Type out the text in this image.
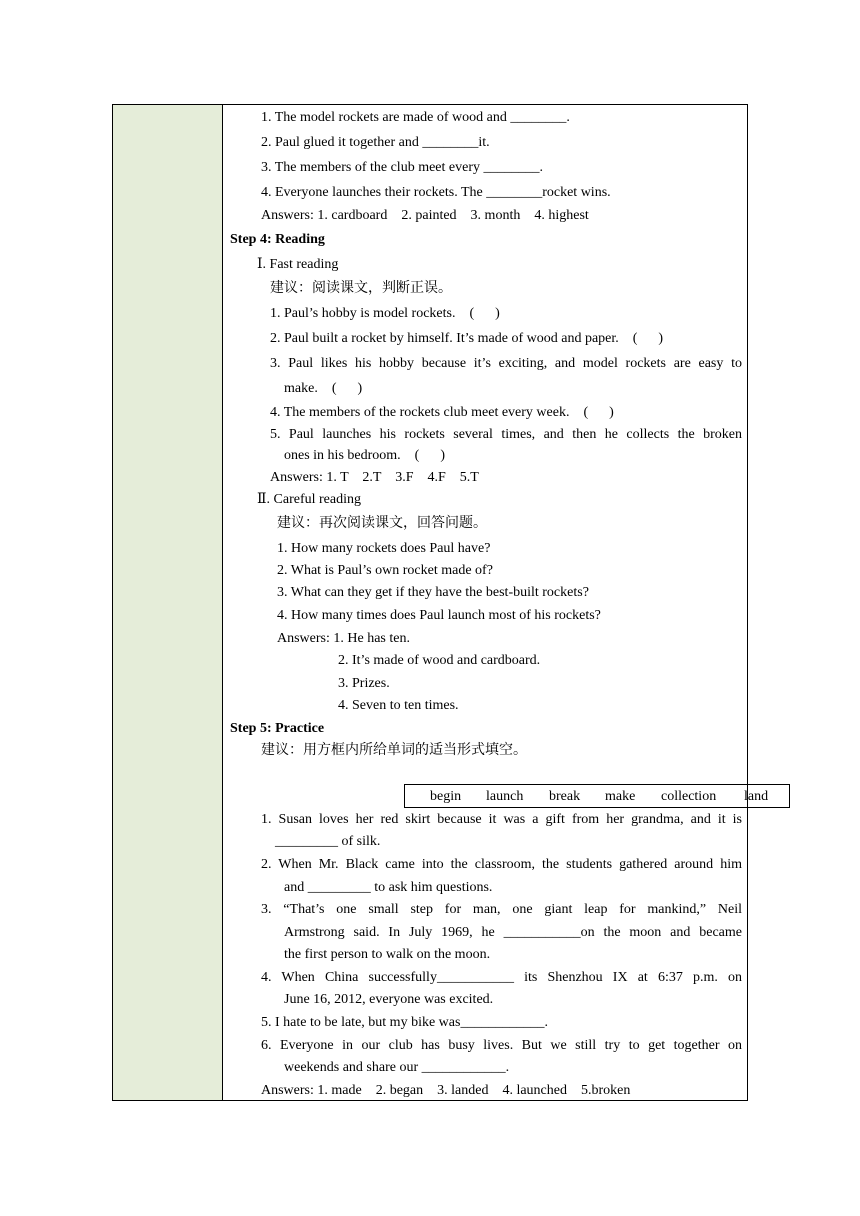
1. The model rockets are made of wood and ________.
2. Paul glued it together and ________it.
3. The members of the club meet every ________.
4. Everyone launches their rockets. The ________rocket wins.
Answers: 1. cardboard    2. painted    3. month    4. highest
Step 4: Reading
Ⅰ. Fast reading
建议：阅读课文，判断正误。
1. Paul’s hobby is model rockets.    (      )
2. Paul built a rocket by himself. It’s made of wood and paper.    (      )
3. Paul likes his hobby because it’s exciting, and model rockets are easy to
make.    (      )
4. The members of the rockets club meet every week.    (      )
5. Paul launches his rockets several times, and then he collects the broken
ones in his bedroom.    (      )
Answers: 1. T    2.T    3.F    4.F    5.T
Ⅱ. Careful reading
建议：再次阅读课文，回答问题。
1. How many rockets does Paul have?
2. What is Paul’s own rocket made of?
3. What can they get if they have the best-built rockets?
4. How many times does Paul launch most of his rockets?
Answers: 1. He has ten.
2. It’s made of wood and cardboard.
3. Prizes.
4. Seven to ten times.
Step 5: Practice
建议：用方框内所给单词的适当形式填空。
begin launch break make collection land
1. Susan loves her red skirt because it was a gift from her grandma, and it is
_________ of silk.
2. When Mr. Black came into the classroom, the students gathered around him
and _________ to ask him questions.
3. “That’s one small step for man, one giant leap for mankind,” Neil
Armstrong said. In July 1969, he ___________on the moon and became
the first person to walk on the moon.
4. When China successfully___________ its Shenzhou IX at 6:37 p.m. on
June 16, 2012, everyone was excited.
5. I hate to be late, but my bike was____________.
6. Everyone in our club has busy lives. But we still try to get together on
weekends and share our ____________.
Answers: 1. made    2. began    3. landed    4. launched    5.broken
